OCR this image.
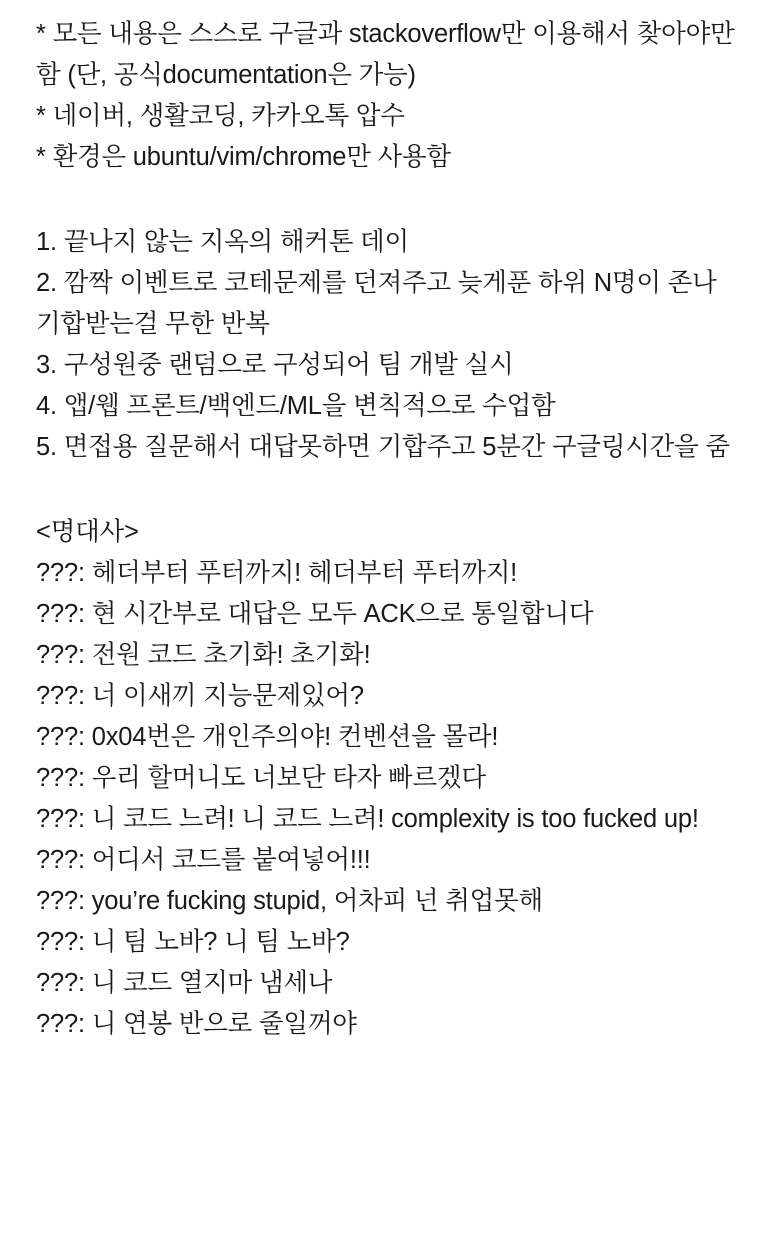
* 모든 내용은 스스로 구글과 stackoverflow만 이용해서 찾아야만함 (단, 공식documentation은 가능)

* 네이버, 생활코딩, 카카오톡 압수

* 환경은 ubuntu/vim/chrome만 사용함

1. 끝나지 않는 지옥의 해커톤 데이

2. 깜짝 이벤트로 코테문제를 던져주고 늦게푼 하위 N명이 존나 기합받는걸 무한 반복

3. 구성원중 랜덤으로 구성되어 팀 개발 실시

4. 앱/웹 프론트/백엔드/ML을 변칙적으로 수업함

5. 면접용 질문해서 대답못하면 기합주고 5분간 구글링시간을 줌

<명대사>

???: 헤더부터 푸터까지! 헤더부터 푸터까지!

???: 현 시간부로 대답은 모두 ACK으로 통일합니다

???: 전원 코드 초기화! 초기화!

???: 너 이새끼 지능문제있어?

???: 0x04번은 개인주의야! 컨벤션을 몰라!

???: 우리 할머니도 너보단 타자 빠르겠다

???: 니 코드 느려! 니 코드 느려! complexity is too fucked up!

???: 어디서 코드를 붙여넣어!!!

???: you’re fucking stupid, 어차피 넌 취업못해

???: 니 팀 노바? 니 팀 노바?

???: 니 코드 열지마 냄세나

???: 니 연봉 반으로 줄일꺼야
